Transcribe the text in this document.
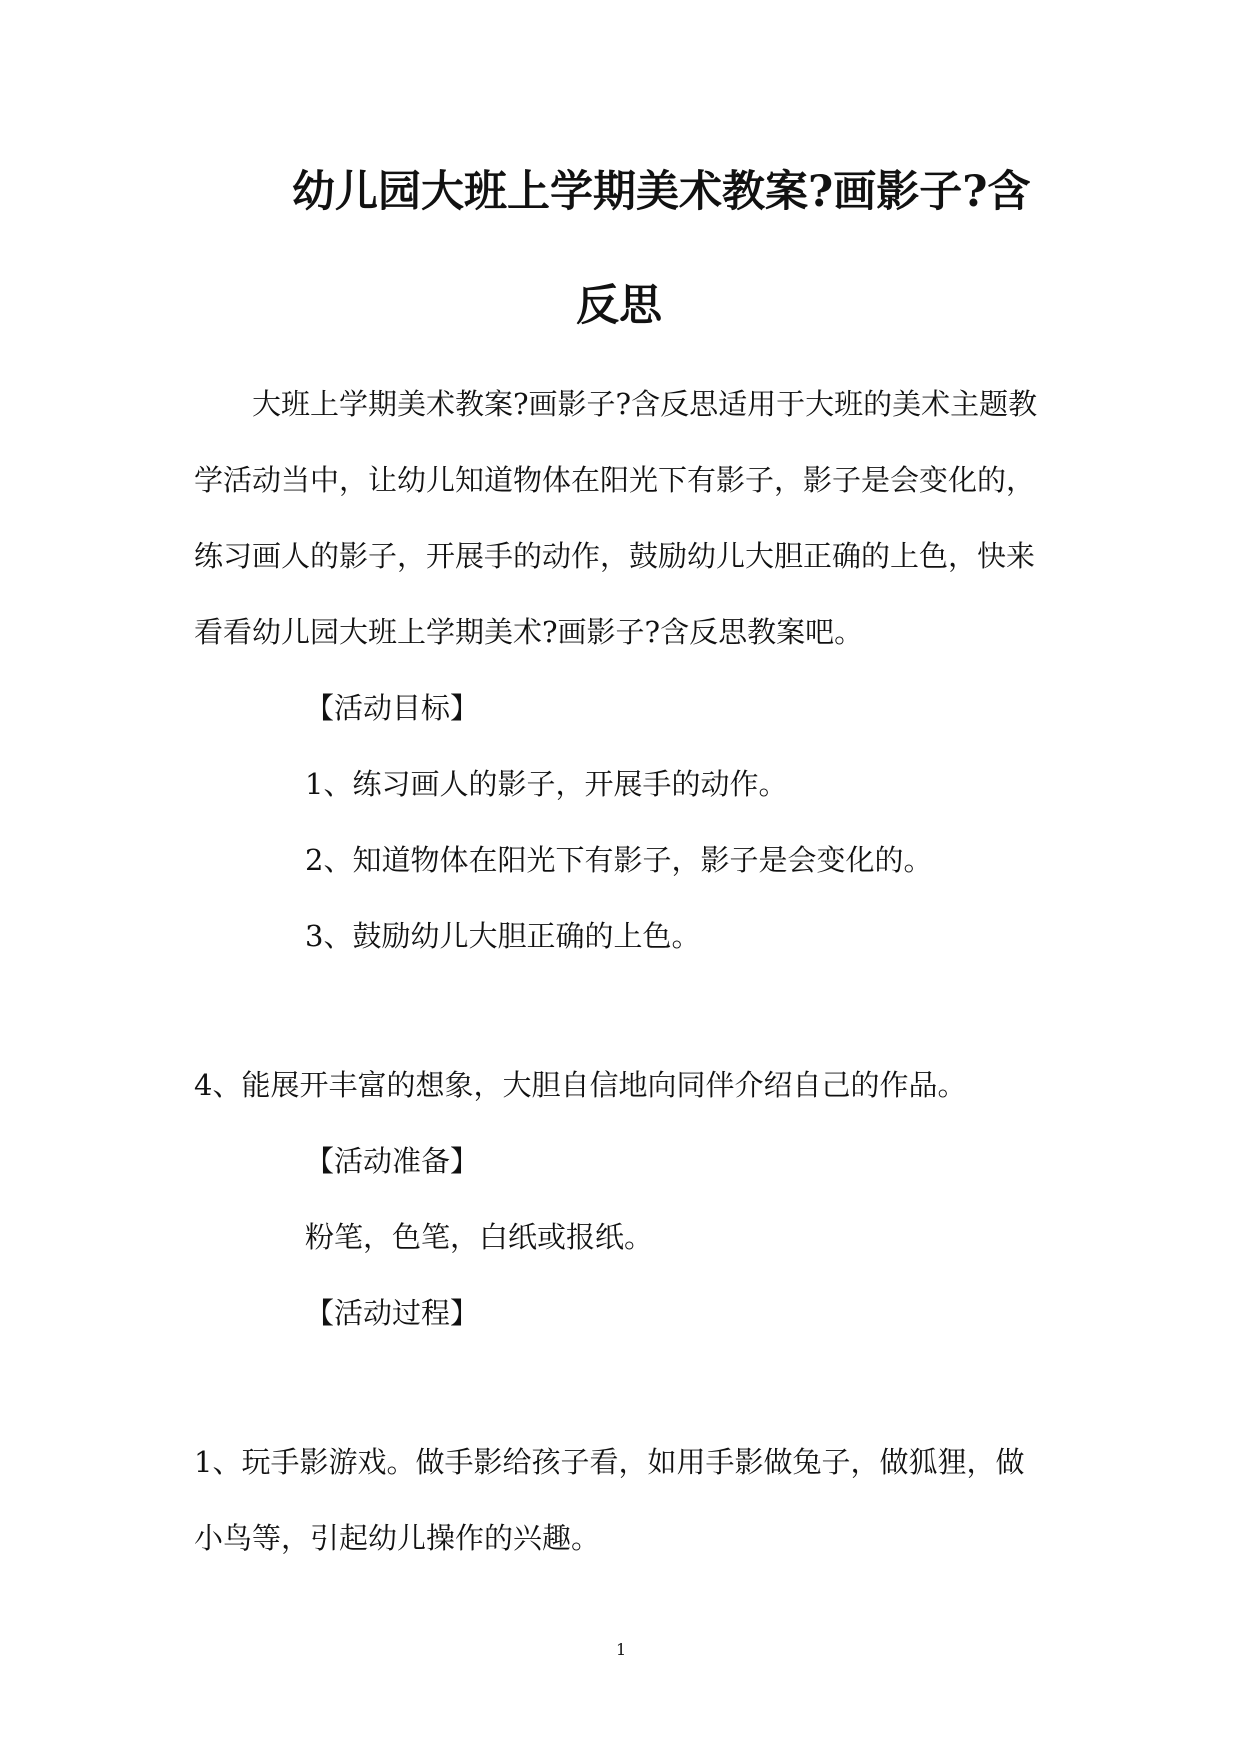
幼儿园大班上学期美术教案?画影子?含
反思
　　大班上学期美术教案?画影子?含反思适用于大班的美术主题教
学活动当中，让幼儿知道物体在阳光下有影子，影子是会变化的，
练习画人的影子，开展手的动作，鼓励幼儿大胆正确的上色，快来
看看幼儿园大班上学期美术?画影子?含反思教案吧。
【活动目标】
1、练习画人的影子，开展手的动作。
2、知道物体在阳光下有影子，影子是会变化的。
3、鼓励幼儿大胆正确的上色。
4、能展开丰富的想象，大胆自信地向同伴介绍自己的作品。
【活动准备】
粉笔，色笔，白纸或报纸。
【活动过程】
1、玩手影游戏。做手影给孩子看，如用手影做兔子，做狐狸，做
小鸟等，引起幼儿操作的兴趣。
1
